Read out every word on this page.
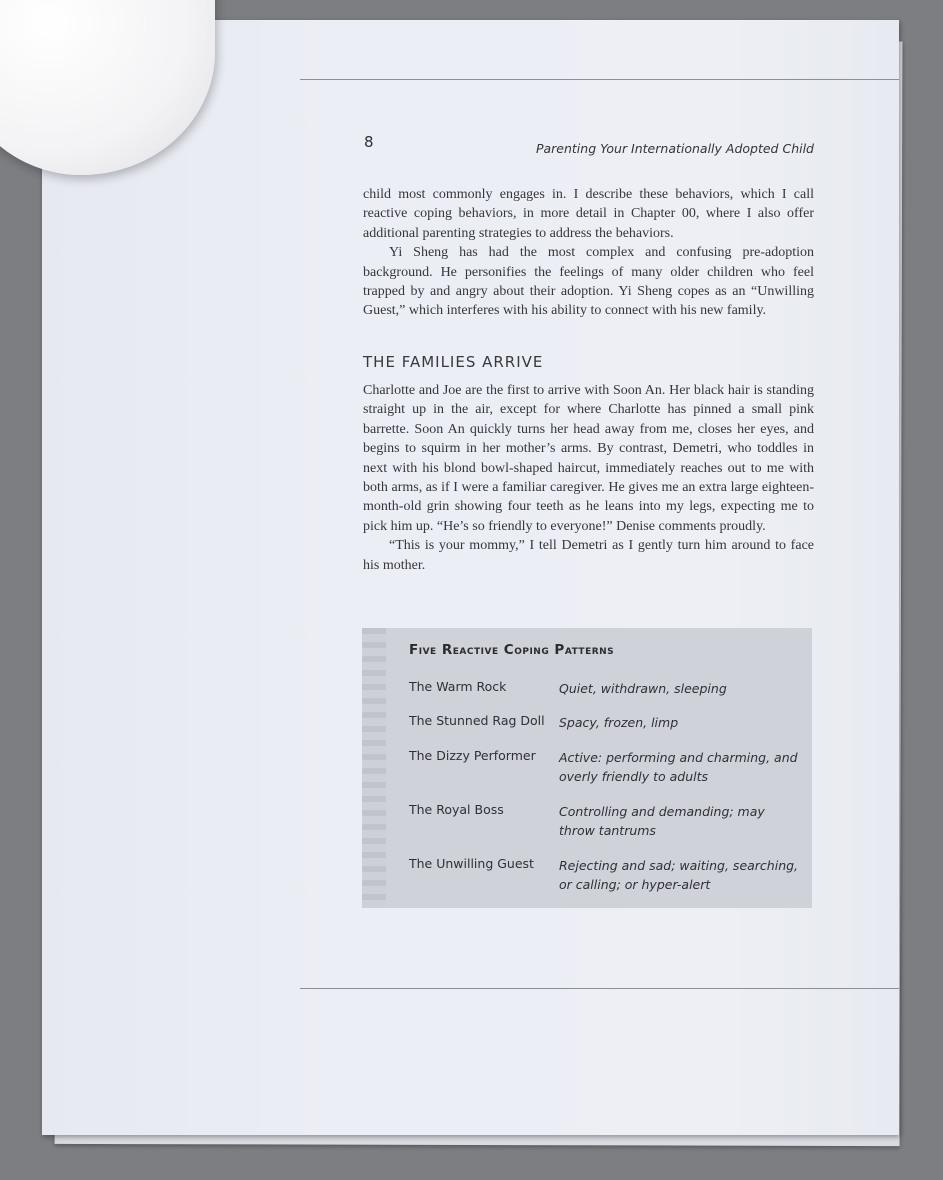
8	Parenting Your Internationally Adopted Child

child most commonly engages in. I describe these behaviors, which I call reactive coping behaviors, in more detail in Chapter 00, where I also offer additional parenting strategies to address the behaviors.

Yi Sheng has had the most complex and confusing pre-adoption background. He personifies the feelings of many older children who feel trapped by and angry about their adoption. Yi Sheng copes as an “Unwilling Guest,” which interferes with his ability to connect with his new family.

THE FAMILIES ARRIVE

Charlotte and Joe are the first to arrive with Soon An. Her black hair is standing straight up in the air, except for where Charlotte has pinned a small pink barrette. Soon An quickly turns her head away from me, closes her eyes, and begins to squirm in her mother’s arms. By contrast, Demetri, who toddles in next with his blond bowl-shaped haircut, immediately reaches out to me with both arms, as if I were a familiar caregiver. He gives me an extra large eighteen-month-old grin showing four teeth as he leans into my legs, expecting me to pick him up. “He’s so friendly to everyone!” Denise comments proudly.

“This is your mommy,” I tell Demetri as I gently turn him around to face his mother.

Five Reactive Coping Patterns
The Warm Rock	Quiet, withdrawn, sleeping
The Stunned Rag Doll	Spacy, frozen, limp
The Dizzy Performer	Active: performing and charming, and overly friendly to adults
The Royal Boss	Controlling and demanding; may throw tantrums
The Unwilling Guest	Rejecting and sad; waiting, searching, or calling; or hyper-alert
